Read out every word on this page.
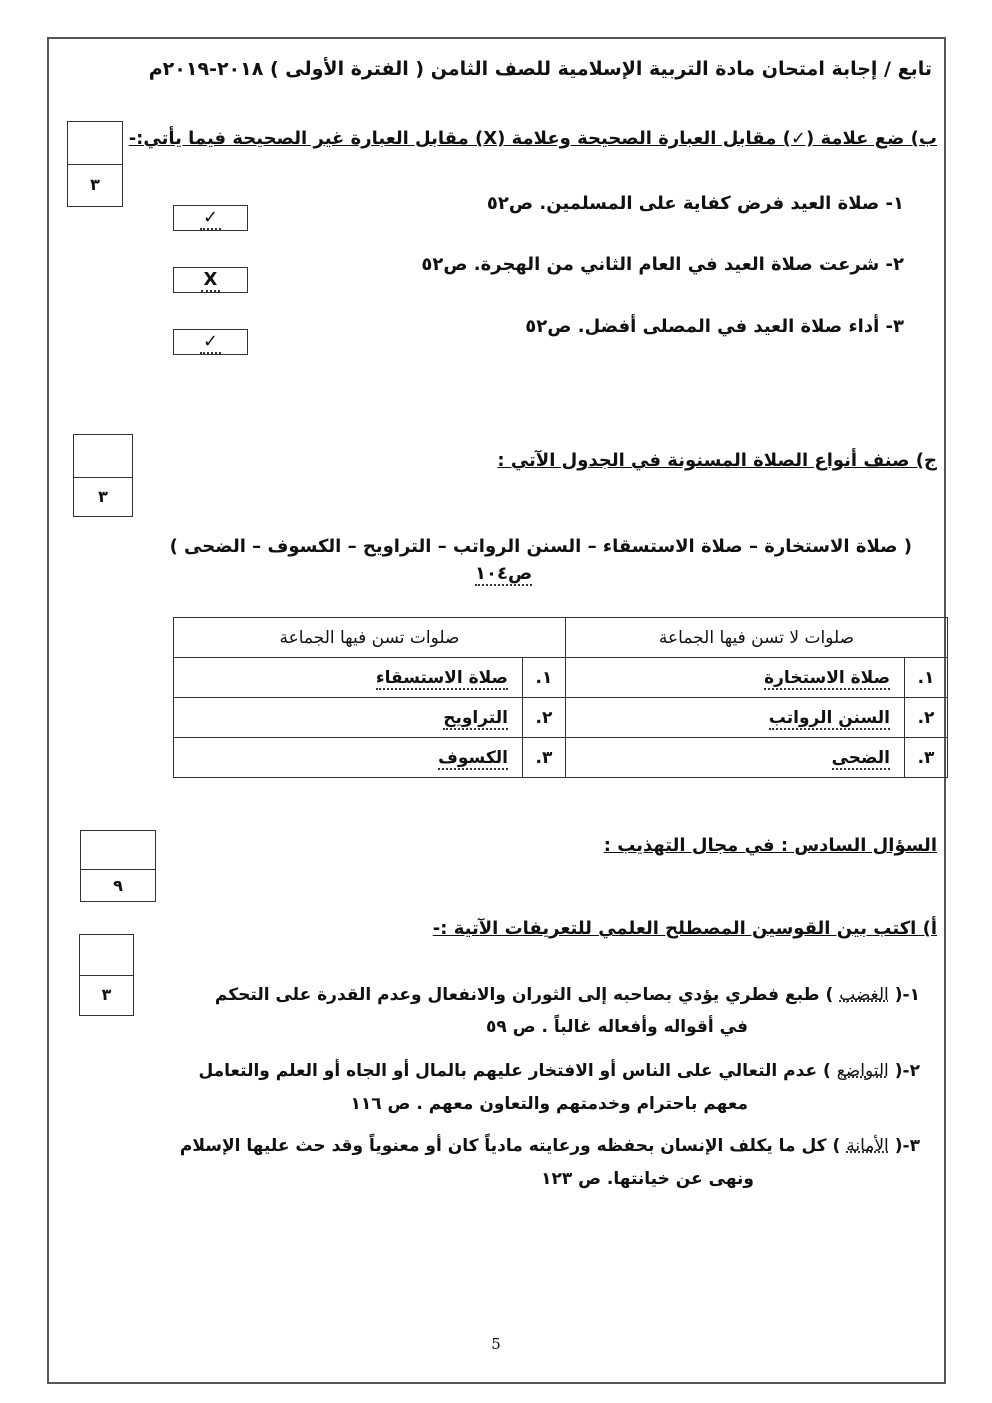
تابع / إجابة امتحان مادة التربية الإسلامية للصف الثامن ( الفترة الأولى ) ٢٠١٨-٢٠١٩م
ب) ضع علامة (✓) مقابل العبارة الصحيحة وعلامة (X) مقابل العبارة غير الصحيحة فيما يأتي:-
٣
١- صلاة العيد فرض كفاية على المسلمين. ص٥٢
✓
٢- شرعت صلاة العيد في العام الثاني من الهجرة. ص٥٢
X
٣- أداء صلاة العيد في المصلى أفضل. ص٥٢
✓
ج) صنف أنواع الصلاة المسنونة في الجدول الآتي :
٣
( صلاة الاستخارة – صلاة الاستسقاء – السنن الرواتب – التراويح – الكسوف – الضحى )
ص١٠٤
صلوات لا تسن فيها الجماعة		صلوات تسن فيها الجماعة	
١.	صلاة الاستخارة	١.	صلاة الاستسقاء
٢.	السنن الرواتب	٢.	التراويح
٣.	الضحى	٣.	الكسوف
السؤال السادس : في مجال التهذيب :
٩
أ) اكتب بين القوسين المصطلح العلمي للتعريفات الآتية :-
٣	١-(الغضب) طبع فطري يؤدي بصاحبه إلى الثوران والانفعال وعدم القدرة على التحكم
في أقواله وأفعاله غالباً . ص ٥٩
٢-(التواضع) عدم التعالي على الناس أو الافتخار عليهم بالمال أو الجاه أو العلم والتعامل
معهم باحترام وخدمتهم والتعاون معهم . ص ١١٦
٣-(الأمانة) كل ما يكلف الإنسان بحفظه ورعايته مادياً كان أو معنوياً وقد حث عليها الإسلام
ونهى عن خيانتها. ص ١٢٣
5
